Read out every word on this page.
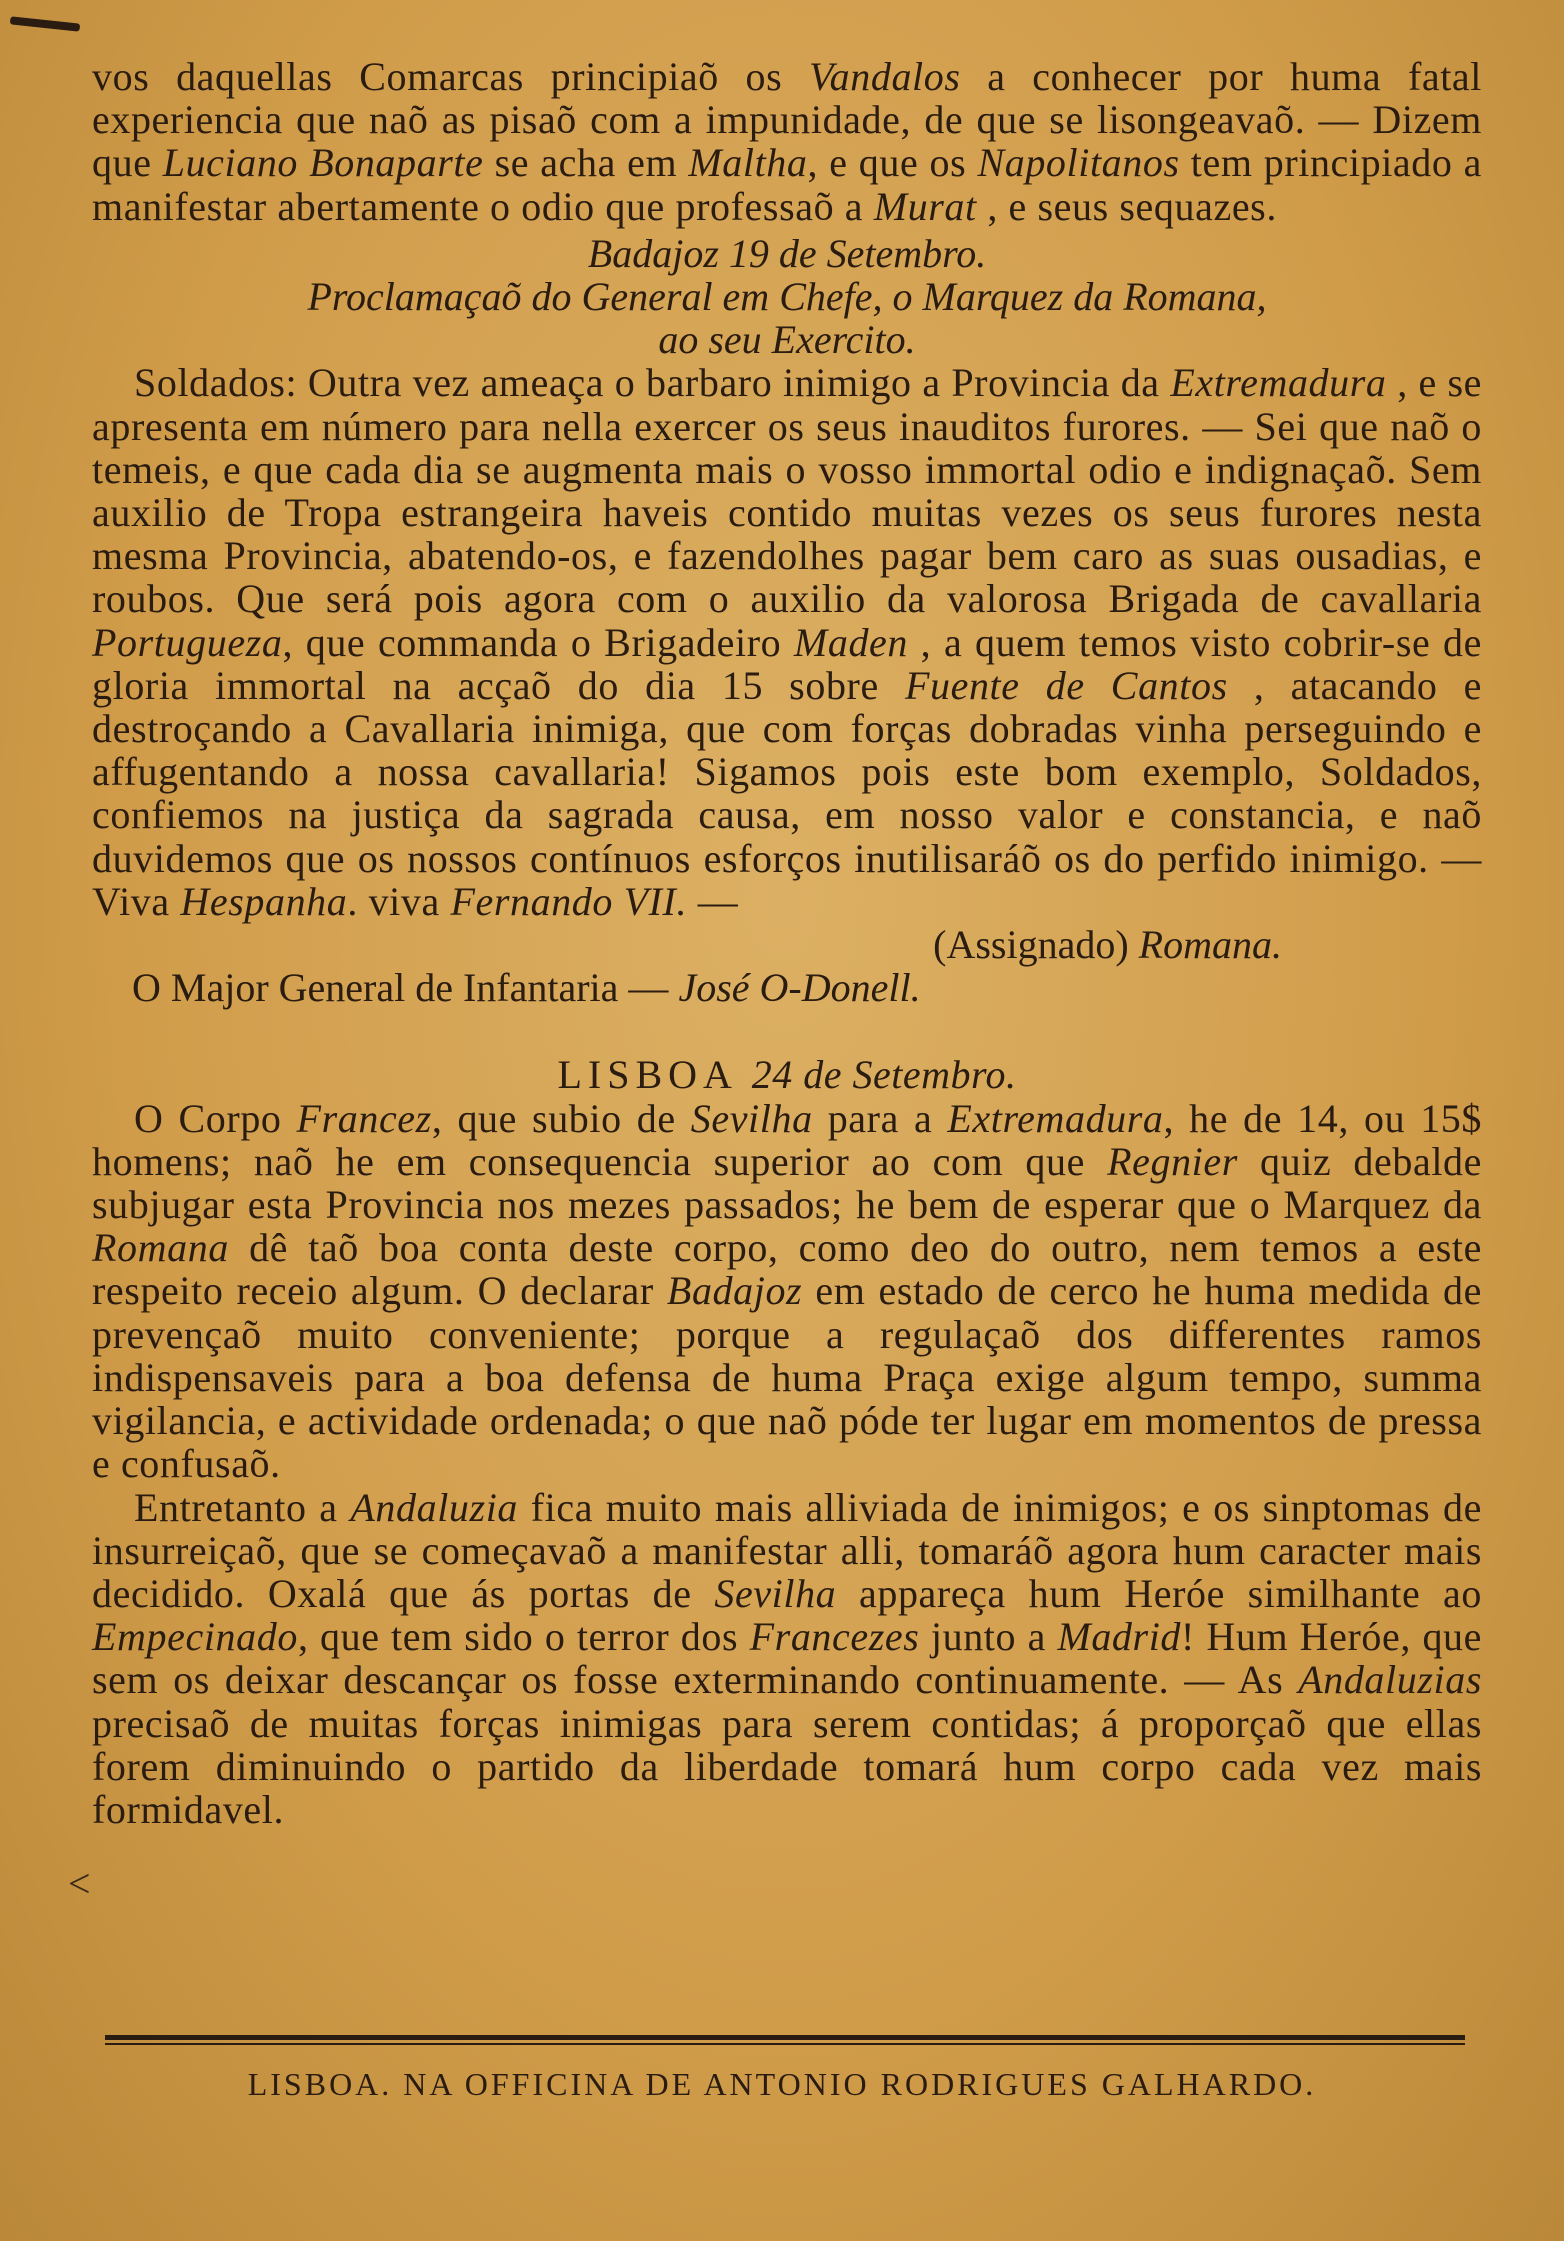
vos daquellas Comarcas principiaõ os Vandalos a conhecer por huma fatal experiencia que naõ as pisaõ com a impunidade, de que se lisongeavaõ. — Dizem que Luciano Bonaparte se acha em Maltha, e que os Napolitanos tem principiado a manifestar abertamente o odio que professaõ a Murat , e seus sequazes.

Badajoz 19 de Setembro.

Proclamaçaõ do General em Chefe, o Marquez da Romana,

ao seu Exercito.

Soldados: Outra vez ameaça o barbaro inimigo a Provincia da Extremadura , e se apresenta em número para nella exercer os seus inauditos furores. — Sei que naõ o temeis, e que cada dia se augmenta mais o vosso immortal odio e indignaçaõ. Sem auxilio de Tropa estrangeira haveis contido muitas vezes os seus furores nesta mesma Provincia, abatendo-os, e fazendolhes pagar bem caro as suas ousadias, e roubos. Que será pois agora com o auxilio da valorosa Brigada de cavallaria Portugueza, que commanda o Brigadeiro Maden , a quem temos visto cobrir-se de gloria immortal na acçaõ do dia 15 sobre Fuente de Cantos , atacando e destroçando a Cavallaria inimiga, que com forças dobradas vinha perseguindo e affugentando a nossa cavallaria! Sigamos pois este bom exemplo, Soldados, confiemos na justiça da sagrada causa, em nosso valor e constancia, e naõ duvidemos que os nossos contínuos esforços inutilisaráõ os do perfido inimigo. — Viva Hespanha. viva Fernando VII. —

(Assignado) Romana.

O Major General de Infantaria — José O-Donell.

LISBOA 24 de Setembro.

O Corpo Francez, que subio de Sevilha para a Extremadura, he de 14, ou 15$ homens; naõ he em consequencia superior ao com que Regnier quiz debalde subjugar esta Provincia nos mezes passados; he bem de esperar que o Marquez da Romana dê taõ boa conta deste corpo, como deo do outro, nem temos a este respeito receio algum. O declarar Badajoz em estado de cerco he huma medida de prevençaõ muito conveniente; porque a regulaçaõ dos differentes ramos indispensaveis para a boa defensa de huma Praça exige algum tempo, summa vigilancia, e actividade ordenada; o que naõ póde ter lugar em momentos de pressa e confusaõ.

Entretanto a Andaluzia fica muito mais alliviada de inimigos; e os sinptomas de insurreiçaõ, que se começavaõ a manifestar alli, tomaráõ agora hum caracter mais decidido. Oxalá que ás portas de Sevilha appareça hum Heróe similhante ao Empecinado, que tem sido o terror dos Francezes junto a Madrid! Hum Heróe, que sem os deixar descançar os fosse exterminando continuamente. — As Andaluzias precisaõ de muitas forças inimigas para serem contidas; á proporçaõ que ellas forem diminuindo o partido da liberdade tomará hum corpo cada vez mais formidavel.

˂
LISBOA. NA OFFICINA DE ANTONIO RODRIGUES GALHARDO.
